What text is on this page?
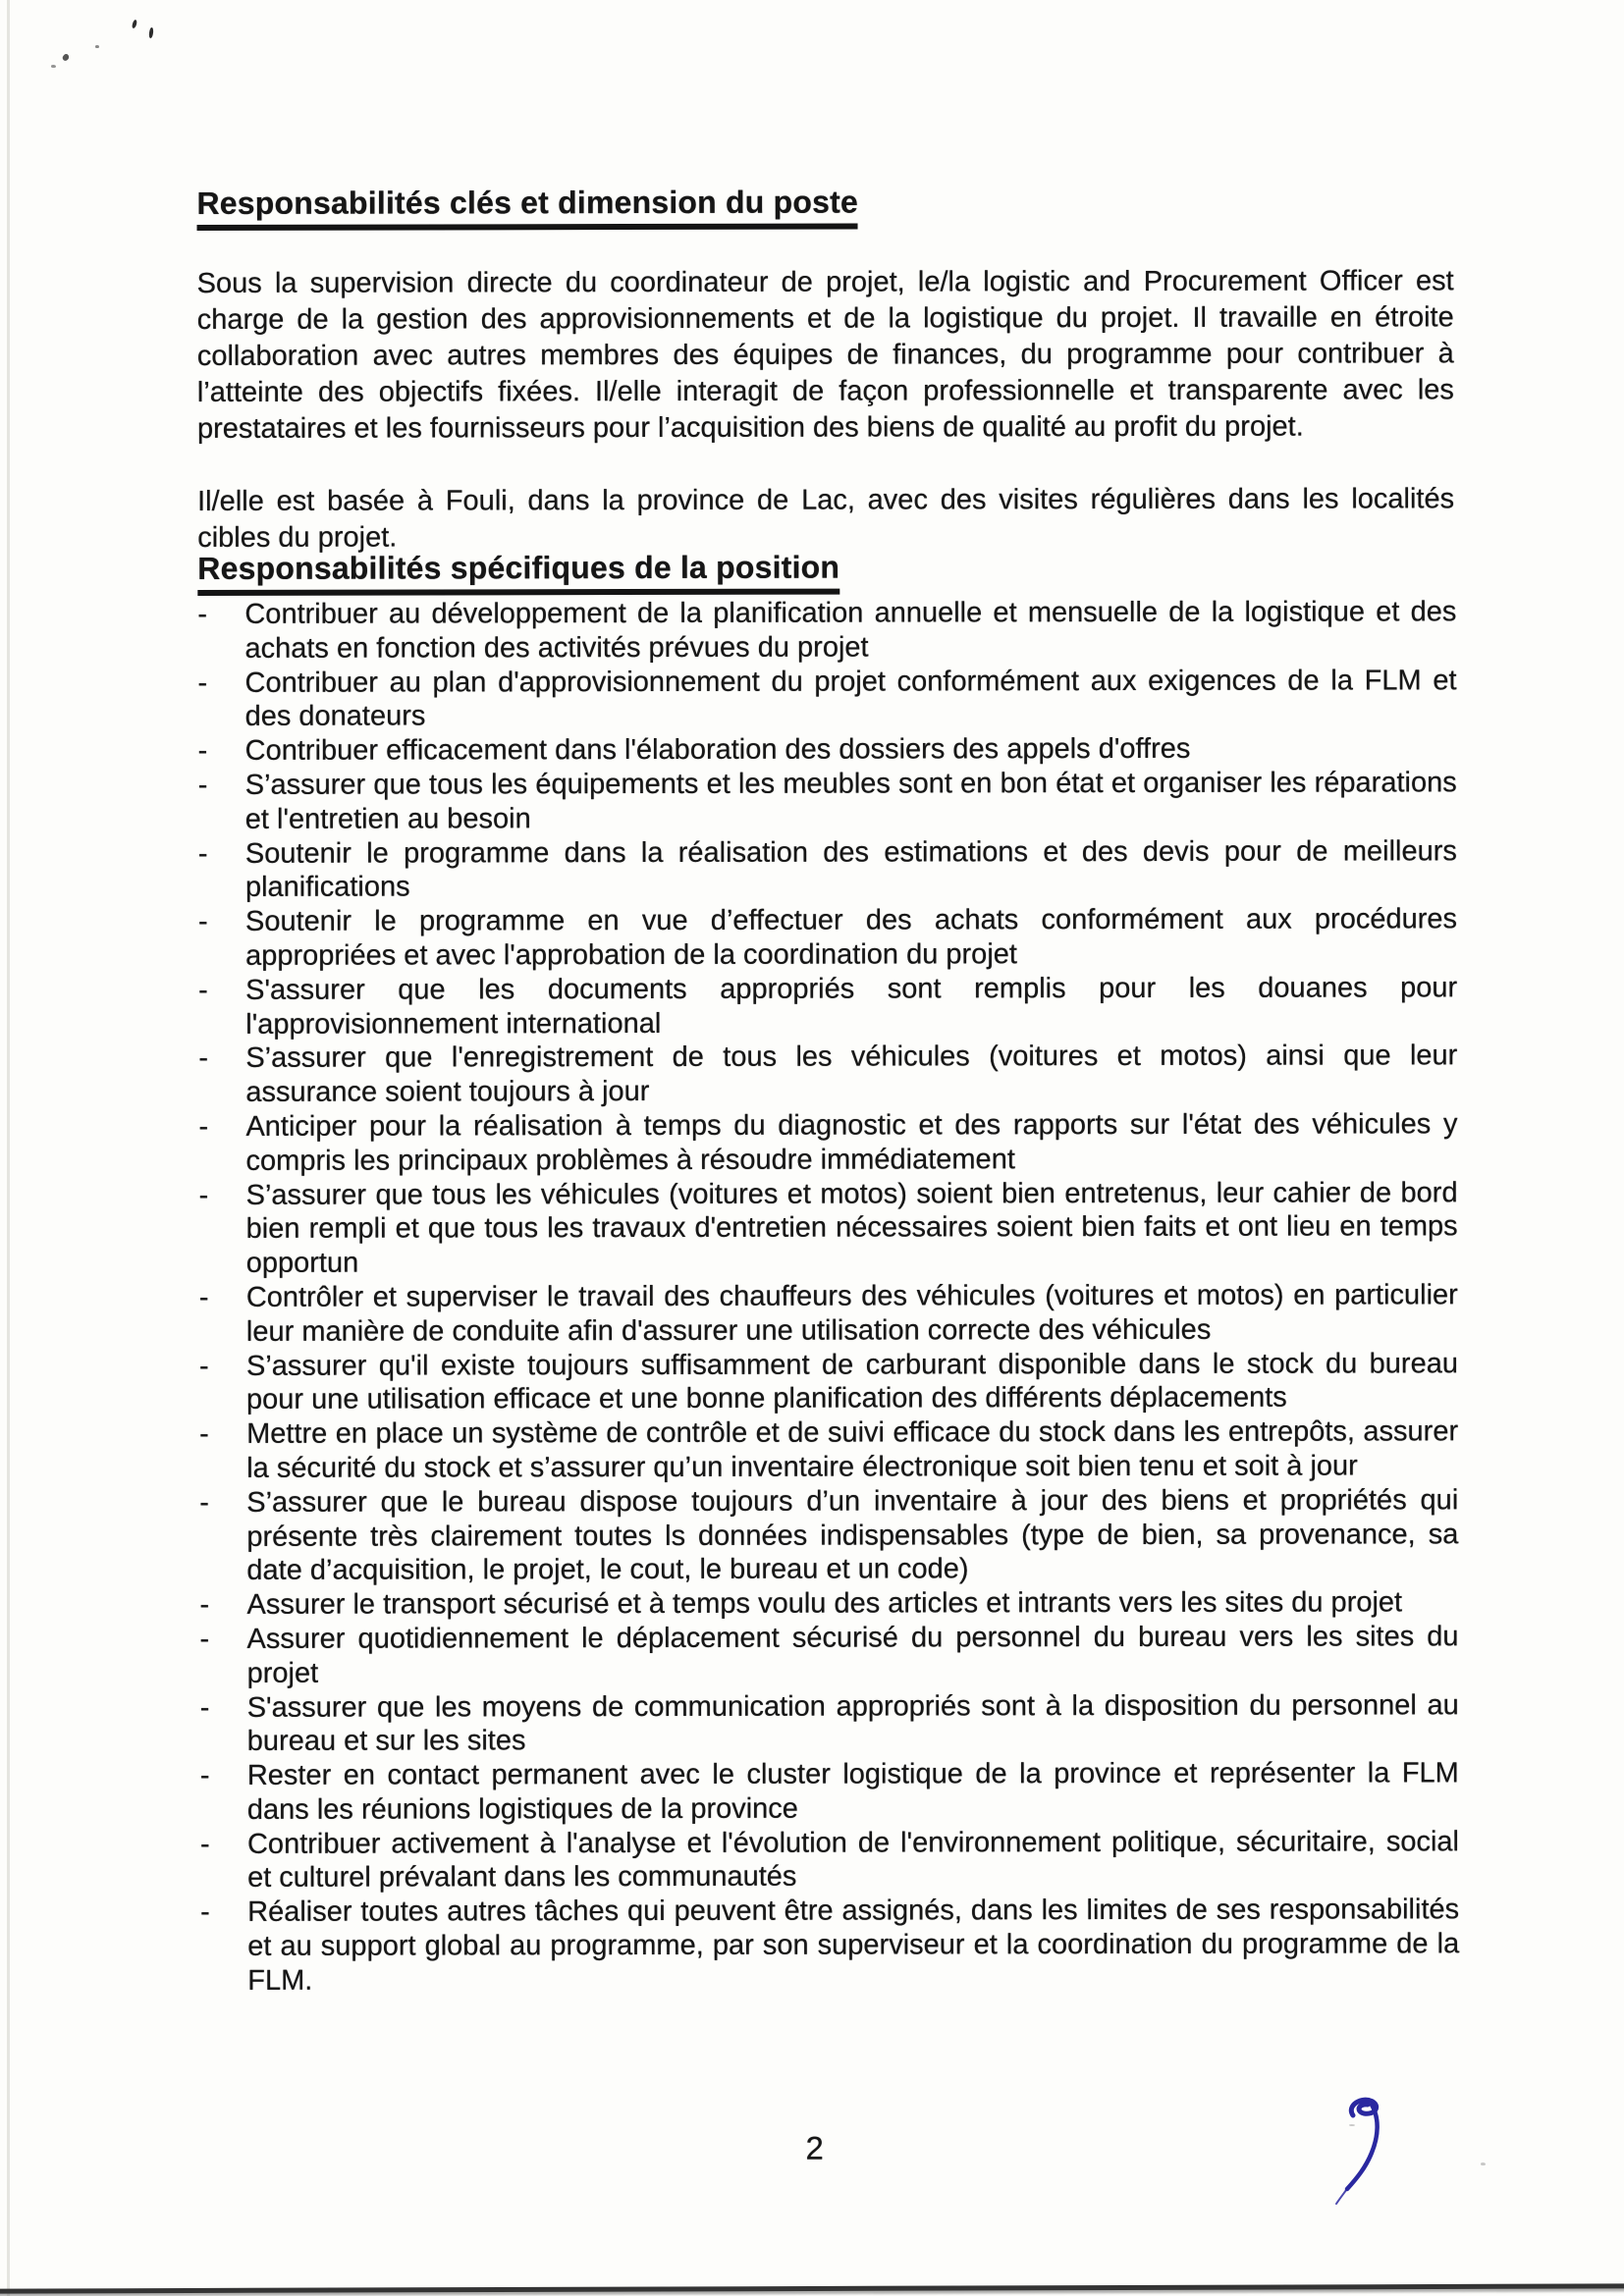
Responsabilités clés et dimension du poste

Sous la supervision directe du coordinateur de projet, le/la logistic and Procurement Officer est charge de la gestion des approvisionnements et de la logistique du projet. Il travaille en étroite collaboration avec autres membres des équipes de finances, du programme pour contribuer à l’atteinte des objectifs fixées. Il/elle interagit de façon professionnelle et transparente avec les prestataires et les fournisseurs pour l’acquisition des biens de qualité au profit du projet.

Il/elle est basée à Fouli, dans la province de Lac, avec des visites régulières dans les localités cibles du projet.

Responsabilités spécifiques de la position
-	Contribuer au développement de la planification annuelle et mensuelle de la logistique et des achats en fonction des activités prévues du projet
-	Contribuer au plan d'approvisionnement du projet conformément aux exigences de la FLM et des donateurs
-	Contribuer efficacement dans l'élaboration des dossiers des appels d'offres
-	S’assurer que tous les équipements et les meubles sont en bon état et organiser les réparations et l'entretien au besoin
-	Soutenir le programme dans la réalisation des estimations et des devis pour de meilleurs planifications
-	Soutenir le programme en vue d’effectuer des achats conformément aux procédures appropriées et avec l'approbation de la coordination du projet
-	S'assurer que les documents appropriés sont remplis pour les douanes pour l'approvisionnement international
-	S’assurer que l'enregistrement de tous les véhicules (voitures et motos) ainsi que leur assurance soient toujours à jour
-	Anticiper pour la réalisation à temps du diagnostic et des rapports sur l'état des véhicules y compris les principaux problèmes à résoudre immédiatement
-	S’assurer que tous les véhicules (voitures et motos) soient bien entretenus, leur cahier de bord bien rempli et que tous les travaux d'entretien nécessaires soient bien faits et ont lieu en temps opportun
-	Contrôler et superviser le travail des chauffeurs des véhicules (voitures et motos) en particulier leur manière de conduite afin d'assurer une utilisation correcte des véhicules
-	S’assurer qu'il existe toujours suffisamment de carburant disponible dans le stock du bureau pour une utilisation efficace et une bonne planification des différents déplacements
-	Mettre en place un système de contrôle et de suivi efficace du stock dans les entrepôts, assurer la sécurité du stock et s’assurer qu’un inventaire électronique soit bien tenu et soit à jour
-	S’assurer que le bureau dispose toujours d’un inventaire à jour des biens et propriétés qui présente très clairement toutes ls données indispensables (type de bien, sa provenance, sa date d’acquisition, le projet, le cout, le bureau et un code)
-	Assurer le transport sécurisé et à temps voulu des articles et intrants vers les sites du projet
-	Assurer quotidiennement le déplacement sécurisé du personnel du bureau vers les sites du projet
-	S'assurer que les moyens de communication appropriés sont à la disposition du personnel au bureau et sur les sites
-	Rester en contact permanent avec le cluster logistique de la province et représenter la FLM dans les réunions logistiques de la province
-	Contribuer activement à l'analyse et l'évolution de l'environnement politique, sécuritaire, social et culturel prévalant dans les communautés
-	Réaliser toutes autres tâches qui peuvent être assignés, dans les limites de ses responsabilités et au support global au programme, par son superviseur et la coordination du programme de la FLM.
2
